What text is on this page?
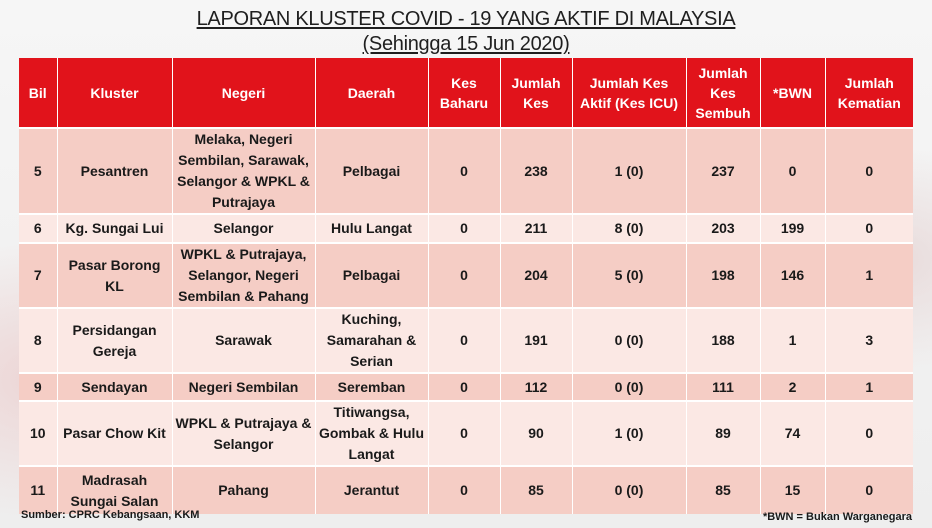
LAPORAN KLUSTER COVID - 19 YANG AKTIF DI MALAYSIA
(Sehingga 15 Jun 2020)
Bil	Kluster	Negeri	Daerah	Kes Baharu	Jumlah Kes	Jumlah Kes Aktif (Kes ICU)	Jumlah Kes Sembuh	*BWN	Jumlah Kematian
5	Pesantren	Melaka, Negeri Sembilan, Sarawak, Selangor & WPKL & Putrajaya	Pelbagai	0	238	1 (0)	237	0	0
6	Kg. Sungai Lui	Selangor	Hulu Langat	0	211	8 (0)	203	199	0
7	Pasar Borong KL	WPKL & Putrajaya, Selangor, Negeri Sembilan & Pahang	Pelbagai	0	204	5 (0)	198	146	1
8	Persidangan Gereja	Sarawak	Kuching, Samarahan & Serian	0	191	0 (0)	188	1	3
9	Sendayan	Negeri Sembilan	Seremban	0	112	0 (0)	111	2	1
10	Pasar Chow Kit	WPKL & Putrajaya & Selangor	Titiwangsa, Gombak & Hulu Langat	0	90	1 (0)	89	74	0
11	Madrasah Sungai Salan	Pahang	Jerantut	0	85	0 (0)	85	15	0
Sumber: CPRC Kebangsaan, KKM	*BWN = Bukan Warganegara
